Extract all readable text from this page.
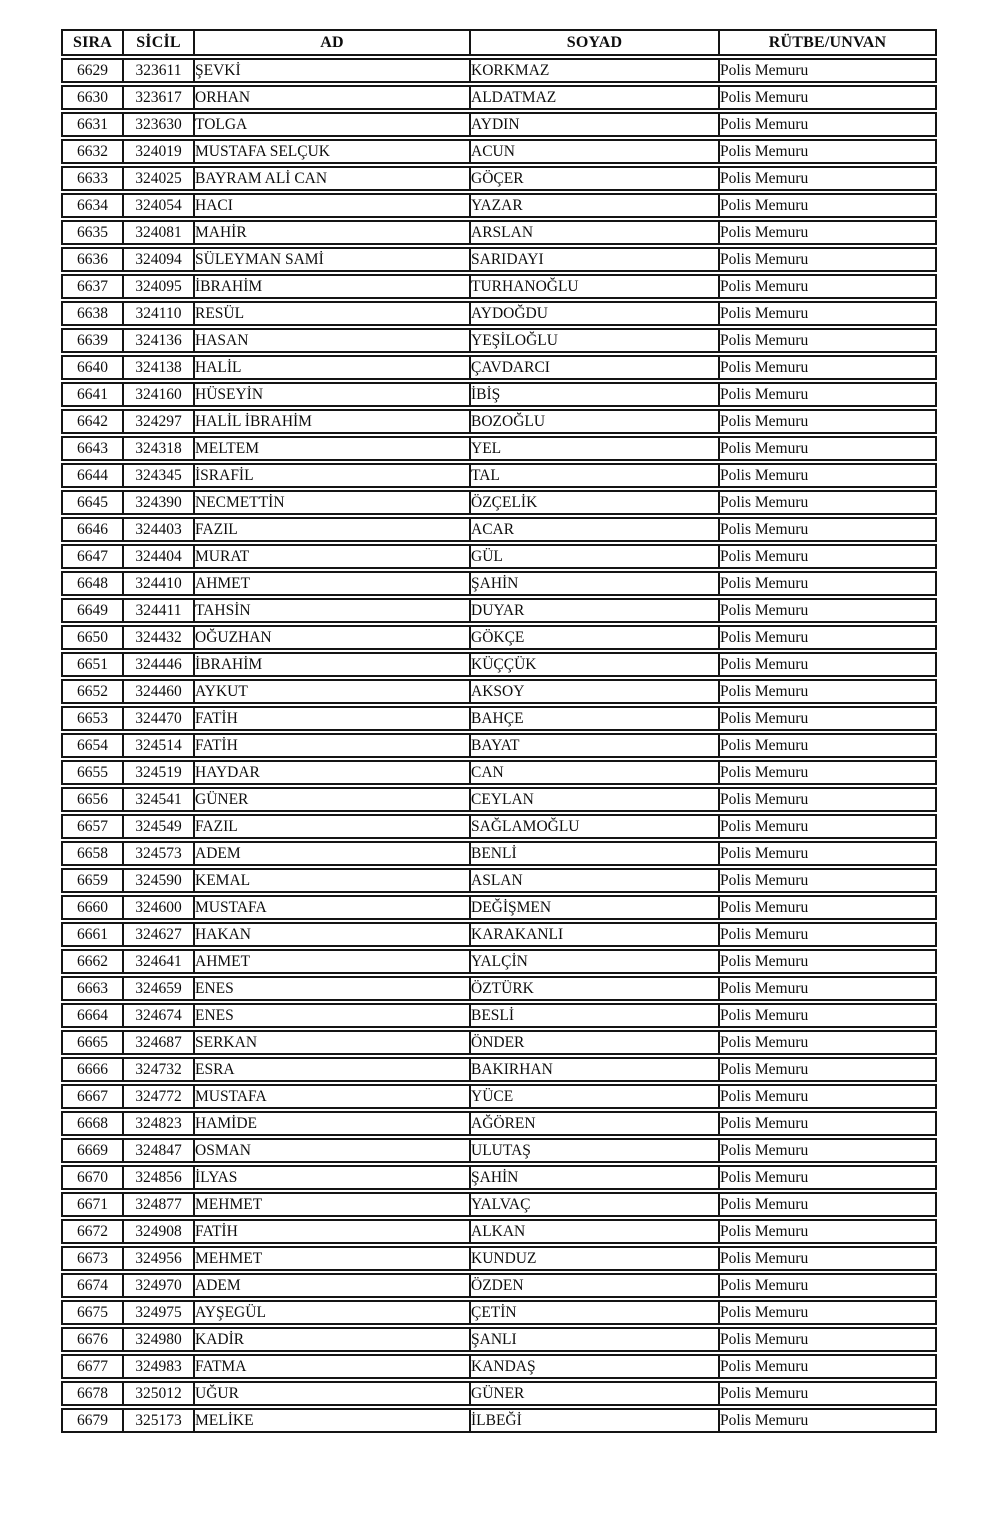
SIRA	SİCİL	AD	SOYAD	RÜTBE/UNVAN
6629	323611	ŞEVKİ	KORKMAZ	Polis Memuru
6630	323617	ORHAN	ALDATMAZ	Polis Memuru
6631	323630	TOLGA	AYDIN	Polis Memuru
6632	324019	MUSTAFA SELÇUK	ACUN	Polis Memuru
6633	324025	BAYRAM ALİ CAN	GÖÇER	Polis Memuru
6634	324054	HACI	YAZAR	Polis Memuru
6635	324081	MAHİR	ARSLAN	Polis Memuru
6636	324094	SÜLEYMAN SAMİ	SARIDAYI	Polis Memuru
6637	324095	İBRAHİM	TURHANOĞLU	Polis Memuru
6638	324110	RESÜL	AYDOĞDU	Polis Memuru
6639	324136	HASAN	YEŞİLOĞLU	Polis Memuru
6640	324138	HALİL	ÇAVDARCI	Polis Memuru
6641	324160	HÜSEYİN	İBİŞ	Polis Memuru
6642	324297	HALİL İBRAHİM	BOZOĞLU	Polis Memuru
6643	324318	MELTEM	YEL	Polis Memuru
6644	324345	İSRAFİL	TAL	Polis Memuru
6645	324390	NECMETTİN	ÖZÇELİK	Polis Memuru
6646	324403	FAZIL	ACAR	Polis Memuru
6647	324404	MURAT	GÜL	Polis Memuru
6648	324410	AHMET	ŞAHİN	Polis Memuru
6649	324411	TAHSİN	DUYAR	Polis Memuru
6650	324432	OĞUZHAN	GÖKÇE	Polis Memuru
6651	324446	İBRAHİM	KÜÇÇÜK	Polis Memuru
6652	324460	AYKUT	AKSOY	Polis Memuru
6653	324470	FATİH	BAHÇE	Polis Memuru
6654	324514	FATİH	BAYAT	Polis Memuru
6655	324519	HAYDAR	CAN	Polis Memuru
6656	324541	GÜNER	CEYLAN	Polis Memuru
6657	324549	FAZIL	SAĞLAMOĞLU	Polis Memuru
6658	324573	ADEM	BENLİ	Polis Memuru
6659	324590	KEMAL	ASLAN	Polis Memuru
6660	324600	MUSTAFA	DEĞİŞMEN	Polis Memuru
6661	324627	HAKAN	KARAKANLI	Polis Memuru
6662	324641	AHMET	YALÇİN	Polis Memuru
6663	324659	ENES	ÖZTÜRK	Polis Memuru
6664	324674	ENES	BESLİ	Polis Memuru
6665	324687	SERKAN	ÖNDER	Polis Memuru
6666	324732	ESRA	BAKIRHAN	Polis Memuru
6667	324772	MUSTAFA	YÜCE	Polis Memuru
6668	324823	HAMİDE	AĞÖREN	Polis Memuru
6669	324847	OSMAN	ULUTAŞ	Polis Memuru
6670	324856	İLYAS	ŞAHİN	Polis Memuru
6671	324877	MEHMET	YALVAÇ	Polis Memuru
6672	324908	FATİH	ALKAN	Polis Memuru
6673	324956	MEHMET	KUNDUZ	Polis Memuru
6674	324970	ADEM	ÖZDEN	Polis Memuru
6675	324975	AYŞEGÜL	ÇETİN	Polis Memuru
6676	324980	KADİR	ŞANLI	Polis Memuru
6677	324983	FATMA	KANDAŞ	Polis Memuru
6678	325012	UĞUR	GÜNER	Polis Memuru
6679	325173	MELİKE	İLBEĞİ	Polis Memuru
